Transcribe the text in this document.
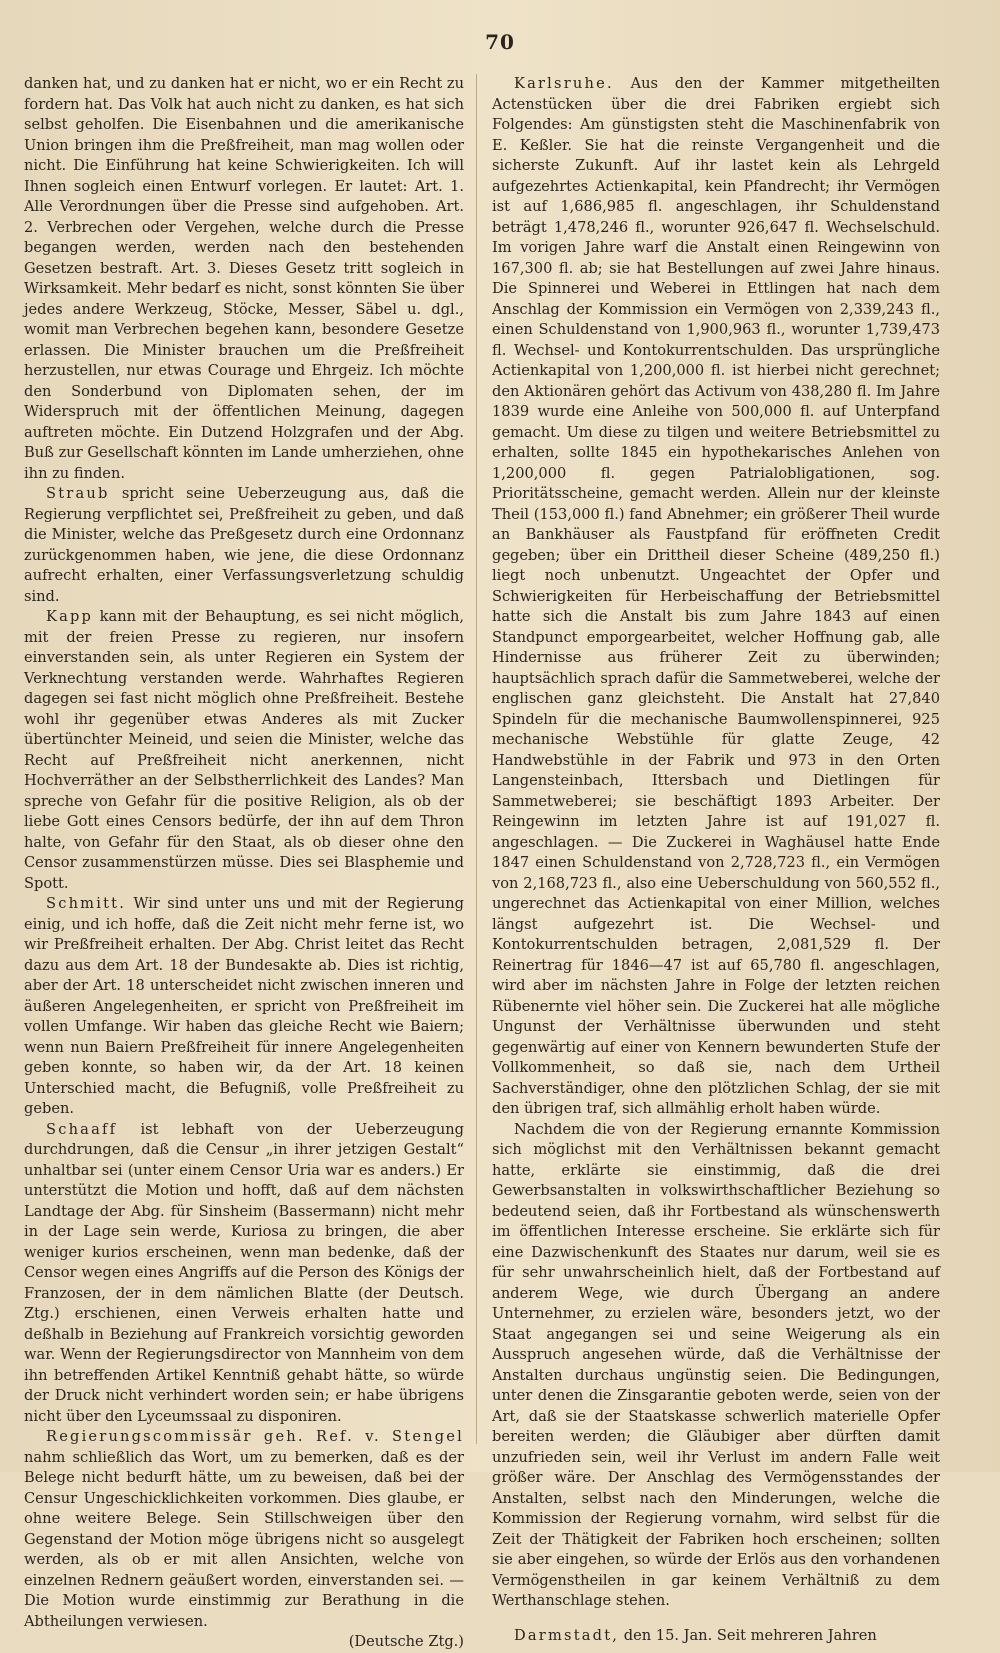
70

danken hat, und zu danken hat er nicht, wo er ein Recht zu fordern hat. Das Volk hat auch nicht zu danken, es hat sich selbst geholfen. Die Eisenbahnen und die amerikanische Union bringen ihm die Preßfreiheit, man mag wollen oder nicht. Die Einführung hat keine Schwierigkeiten. Ich will Ihnen sogleich einen Entwurf vorlegen. Er lautet: Art. 1. Alle Verordnungen über die Presse sind aufgehoben. Art. 2. Verbrechen oder Vergehen, welche durch die Presse begangen werden, werden nach den bestehenden Gesetzen bestraft. Art. 3. Dieses Gesetz tritt sogleich in Wirksamkeit. Mehr bedarf es nicht, sonst könnten Sie über jedes andere Werkzeug, Stöcke, Messer, Säbel u. dgl., womit man Verbrechen begehen kann, besondere Gesetze erlassen. Die Minister brauchen um die Preßfreiheit herzustellen, nur etwas Courage und Ehrgeiz. Ich möchte den Sonderbund von Diplomaten sehen, der im Widerspruch mit der öffentlichen Meinung, dagegen auftreten möchte. Ein Dutzend Holzgrafen und der Abg. Buß zur Gesellschaft könnten im Lande umherziehen, ohne ihn zu finden.

Straub spricht seine Ueberzeugung aus, daß die Regierung verpflichtet sei, Preßfreiheit zu geben, und daß die Minister, welche das Preßgesetz durch eine Ordonnanz zurückgenommen haben, wie jene, die diese Ordonnanz aufrecht erhalten, einer Verfassungsverletzung schuldig sind.

Kapp kann mit der Behauptung, es sei nicht möglich, mit der freien Presse zu regieren, nur insofern einverstanden sein, als unter Regieren ein System der Verknechtung verstanden werde. Wahrhaftes Regieren dagegen sei fast nicht möglich ohne Preßfreiheit. Bestehe wohl ihr gegenüber etwas Anderes als mit Zucker übertünchter Meineid, und seien die Minister, welche das Recht auf Preßfreiheit nicht anerkennen, nicht Hochverräther an der Selbstherrlichkeit des Landes? Man spreche von Gefahr für die positive Religion, als ob der liebe Gott eines Censors bedürfe, der ihn auf dem Thron halte, von Gefahr für den Staat, als ob dieser ohne den Censor zusammenstürzen müsse. Dies sei Blasphemie und Spott.

Schmitt. Wir sind unter uns und mit der Regierung einig, und ich hoffe, daß die Zeit nicht mehr ferne ist, wo wir Preßfreiheit erhalten. Der Abg. Christ leitet das Recht dazu aus dem Art. 18 der Bundesakte ab. Dies ist richtig, aber der Art. 18 unterscheidet nicht zwischen inneren und äußeren Angelegenheiten, er spricht von Preßfreiheit im vollen Umfange. Wir haben das gleiche Recht wie Baiern; wenn nun Baiern Preßfreiheit für innere Angelegenheiten geben konnte, so haben wir, da der Art. 18 keinen Unterschied macht, die Befugniß, volle Preßfreiheit zu geben.

Schaaff ist lebhaft von der Ueberzeugung durchdrungen, daß die Censur „in ihrer jetzigen Gestalt“ unhaltbar sei (unter einem Censor Uria war es anders.) Er unterstützt die Motion und hofft, daß auf dem nächsten Landtage der Abg. für Sinsheim (Bassermann) nicht mehr in der Lage sein werde, Kuriosa zu bringen, die aber weniger kurios erscheinen, wenn man bedenke, daß der Censor wegen eines Angriffs auf die Person des Königs der Franzosen, der in dem nämlichen Blatte (der Deutsch. Ztg.) erschienen, einen Verweis erhalten hatte und deßhalb in Beziehung auf Frankreich vorsichtig geworden war. Wenn der Regierungsdirector von Mannheim von dem ihn betreffenden Artikel Kenntniß gehabt hätte, so würde der Druck nicht verhindert worden sein; er habe übrigens nicht über den Lyceumssaal zu disponiren.

Regierungscommissär geh. Ref. v. Stengel nahm schließlich das Wort, um zu bemerken, daß es der Belege nicht bedurft hätte, um zu beweisen, daß bei der Censur Ungeschicklichkeiten vorkommen. Dies glaube, er ohne weitere Belege. Sein Stillschweigen über den Gegenstand der Motion möge übrigens nicht so ausgelegt werden, als ob er mit allen Ansichten, welche von einzelnen Rednern geäußert worden, einverstanden sei. — Die Motion wurde einstimmig zur Berathung in die Abtheilungen verwiesen.

(Deutsche Ztg.)

Karlsruhe. Aus den der Kammer mitgetheilten Actenstücken über die drei Fabriken ergiebt sich Folgendes: Am günstigsten steht die Maschinenfabrik von E. Keßler. Sie hat die reinste Vergangenheit und die sicherste Zukunft. Auf ihr lastet kein als Lehrgeld aufgezehrtes Actienkapital, kein Pfandrecht; ihr Vermögen ist auf 1,686,985 fl. angeschlagen, ihr Schuldenstand beträgt 1,478,246 fl., worunter 926,647 fl. Wechselschuld. Im vorigen Jahre warf die Anstalt einen Reingewinn von 167,300 fl. ab; sie hat Bestellungen auf zwei Jahre hinaus. Die Spinnerei und Weberei in Ettlingen hat nach dem Anschlag der Kommission ein Vermögen von 2,339,243 fl., einen Schuldenstand von 1,900,963 fl., worunter 1,739,473 fl. Wechsel- und Kontokurrentschulden. Das ursprüngliche Actienkapital von 1,200,000 fl. ist hierbei nicht gerechnet; den Aktionären gehört das Activum von 438,280 fl. Im Jahre 1839 wurde eine Anleihe von 500,000 fl. auf Unterpfand gemacht. Um diese zu tilgen und weitere Betriebsmittel zu erhalten, sollte 1845 ein hypothekarisches Anlehen von 1,200,000 fl. gegen Patrialobligationen, sog. Prioritätsscheine, gemacht werden. Allein nur der kleinste Theil (153,000 fl.) fand Abnehmer; ein größerer Theil wurde an Bankhäuser als Faustpfand für eröffneten Credit gegeben; über ein Drittheil dieser Scheine (489,250 fl.) liegt noch unbenutzt. Ungeachtet der Opfer und Schwierigkeiten für Herbeischaffung der Betriebsmittel hatte sich die Anstalt bis zum Jahre 1843 auf einen Standpunct emporgearbeitet, welcher Hoffnung gab, alle Hindernisse aus früherer Zeit zu überwinden; hauptsächlich sprach dafür die Sammetweberei, welche der englischen ganz gleichsteht. Die Anstalt hat 27,840 Spindeln für die mechanische Baumwollenspinnerei, 925 mechanische Webstühle für glatte Zeuge, 42 Handwebstühle in der Fabrik und 973 in den Orten Langensteinbach, Ittersbach und Dietlingen für Sammetweberei; sie beschäftigt 1893 Arbeiter. Der Reingewinn im letzten Jahre ist auf 191,027 fl. angeschlagen. — Die Zuckerei in Waghäusel hatte Ende 1847 einen Schuldenstand von 2,728,723 fl., ein Vermögen von 2,168,723 fl., also eine Ueberschuldung von 560,552 fl., ungerechnet das Actienkapital von einer Million, welches längst aufgezehrt ist. Die Wechsel- und Kontokurrentschulden betragen, 2,081,529 fl. Der Reinertrag für 1846—47 ist auf 65,780 fl. angeschlagen, wird aber im nächsten Jahre in Folge der letzten reichen Rübenernte viel höher sein. Die Zuckerei hat alle mögliche Ungunst der Verhältnisse überwunden und steht gegenwärtig auf einer von Kennern bewunderten Stufe der Vollkommenheit, so daß sie, nach dem Urtheil Sachverständiger, ohne den plötzlichen Schlag, der sie mit den übrigen traf, sich allmählig erholt haben würde.

Nachdem die von der Regierung ernannte Kommission sich möglichst mit den Verhältnissen bekannt gemacht hatte, erklärte sie einstimmig, daß die drei Gewerbsanstalten in volkswirthschaftlicher Beziehung so bedeutend seien, daß ihr Fortbestand als wünschenswerth im öffentlichen Interesse erscheine. Sie erklärte sich für eine Dazwischenkunft des Staates nur darum, weil sie es für sehr unwahrscheinlich hielt, daß der Fortbestand auf anderem Wege, wie durch Übergang an andere Unternehmer, zu erzielen wäre, besonders jetzt, wo der Staat angegangen sei und seine Weigerung als ein Ausspruch angesehen würde, daß die Verhältnisse der Anstalten durchaus ungünstig seien. Die Bedingungen, unter denen die Zinsgarantie geboten werde, seien von der Art, daß sie der Staatskasse schwerlich materielle Opfer bereiten werden; die Gläubiger aber dürften damit unzufrieden sein, weil ihr Verlust im andern Falle weit größer wäre. Der Anschlag des Vermögensstandes der Anstalten, selbst nach den Minderungen, welche die Kommission der Regierung vornahm, wird selbst für die Zeit der Thätigkeit der Fabriken hoch erscheinen; sollten sie aber eingehen, so würde der Erlös aus den vorhandenen Vermögenstheilen in gar keinem Verhältniß zu dem Werthanschlage stehen.

Darmstadt, den 15. Jan. Seit mehreren Jahren
